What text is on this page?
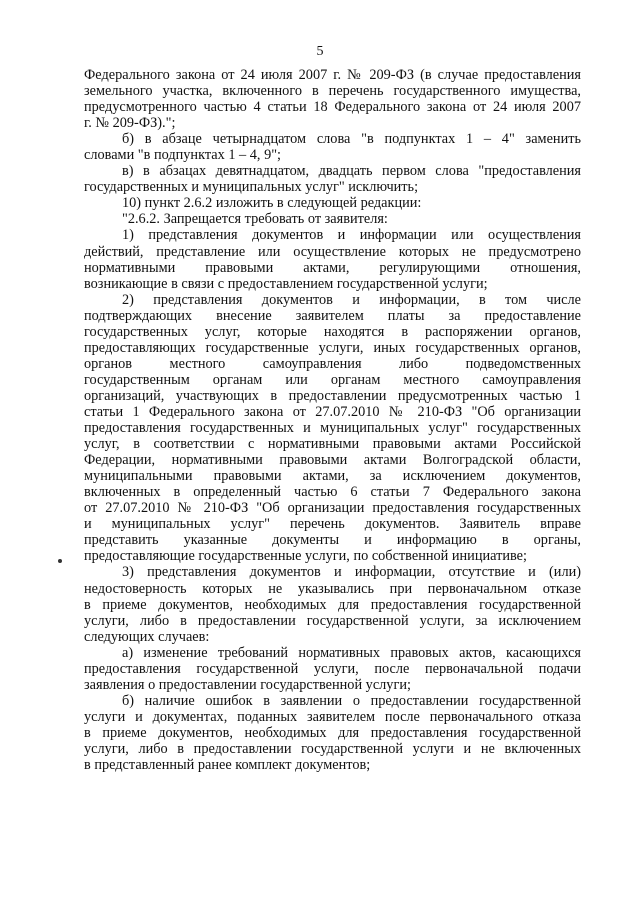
5
Федерального закона от 24 июля 2007 г. № 209-ФЗ (в случае предоставления
земельного участка, включенного в перечень государственного имущества,
предусмотренного частью 4 статьи 18 Федерального закона от 24 июля 2007
г. № 209-ФЗ).";
б) в абзаце четырнадцатом слова "в подпунктах 1 – 4" заменить
словами "в подпунктах 1 – 4, 9";
в) в абзацах девятнадцатом, двадцать первом слова "предоставления
государственных и муниципальных услуг" исключить;
10) пункт 2.6.2 изложить в следующей редакции:
"2.6.2. Запрещается требовать от заявителя:
1) представления документов и информации или осуществления
действий, представление или осуществление которых не предусмотрено
нормативными правовыми актами, регулирующими отношения,
возникающие в связи с предоставлением государственной услуги;
2) представления документов и информации, в том числе
подтверждающих внесение заявителем платы за предоставление
государственных услуг, которые находятся в распоряжении органов,
предоставляющих государственные услуги, иных государственных органов,
органов местного самоуправления либо подведомственных
государственным органам или органам местного самоуправления
организаций, участвующих в предоставлении предусмотренных частью 1
статьи 1 Федерального закона от 27.07.2010 № 210-ФЗ "Об организации
предоставления государственных и муниципальных услуг" государственных
услуг, в соответствии с нормативными правовыми актами Российской
Федерации, нормативными правовыми актами Волгоградской области,
муниципальными правовыми актами, за исключением документов,
включенных в определенный частью 6 статьи 7 Федерального закона
от 27.07.2010 № 210-ФЗ "Об организации предоставления государственных
и муниципальных услуг" перечень документов. Заявитель вправе
представить указанные документы и информацию в органы,
предоставляющие государственные услуги, по собственной инициативе;
3) представления документов и информации, отсутствие и (или)
недостоверность которых не указывались при первоначальном отказе
в приеме документов, необходимых для предоставления государственной
услуги, либо в предоставлении государственной услуги, за исключением
следующих случаев:
а) изменение требований нормативных правовых актов, касающихся
предоставления государственной услуги, после первоначальной подачи
заявления о предоставлении государственной услуги;
б) наличие ошибок в заявлении о предоставлении государственной
услуги и документах, поданных заявителем после первоначального отказа
в приеме документов, необходимых для предоставления государственной
услуги, либо в предоставлении государственной услуги и не включенных
в представленный ранее комплект документов;
